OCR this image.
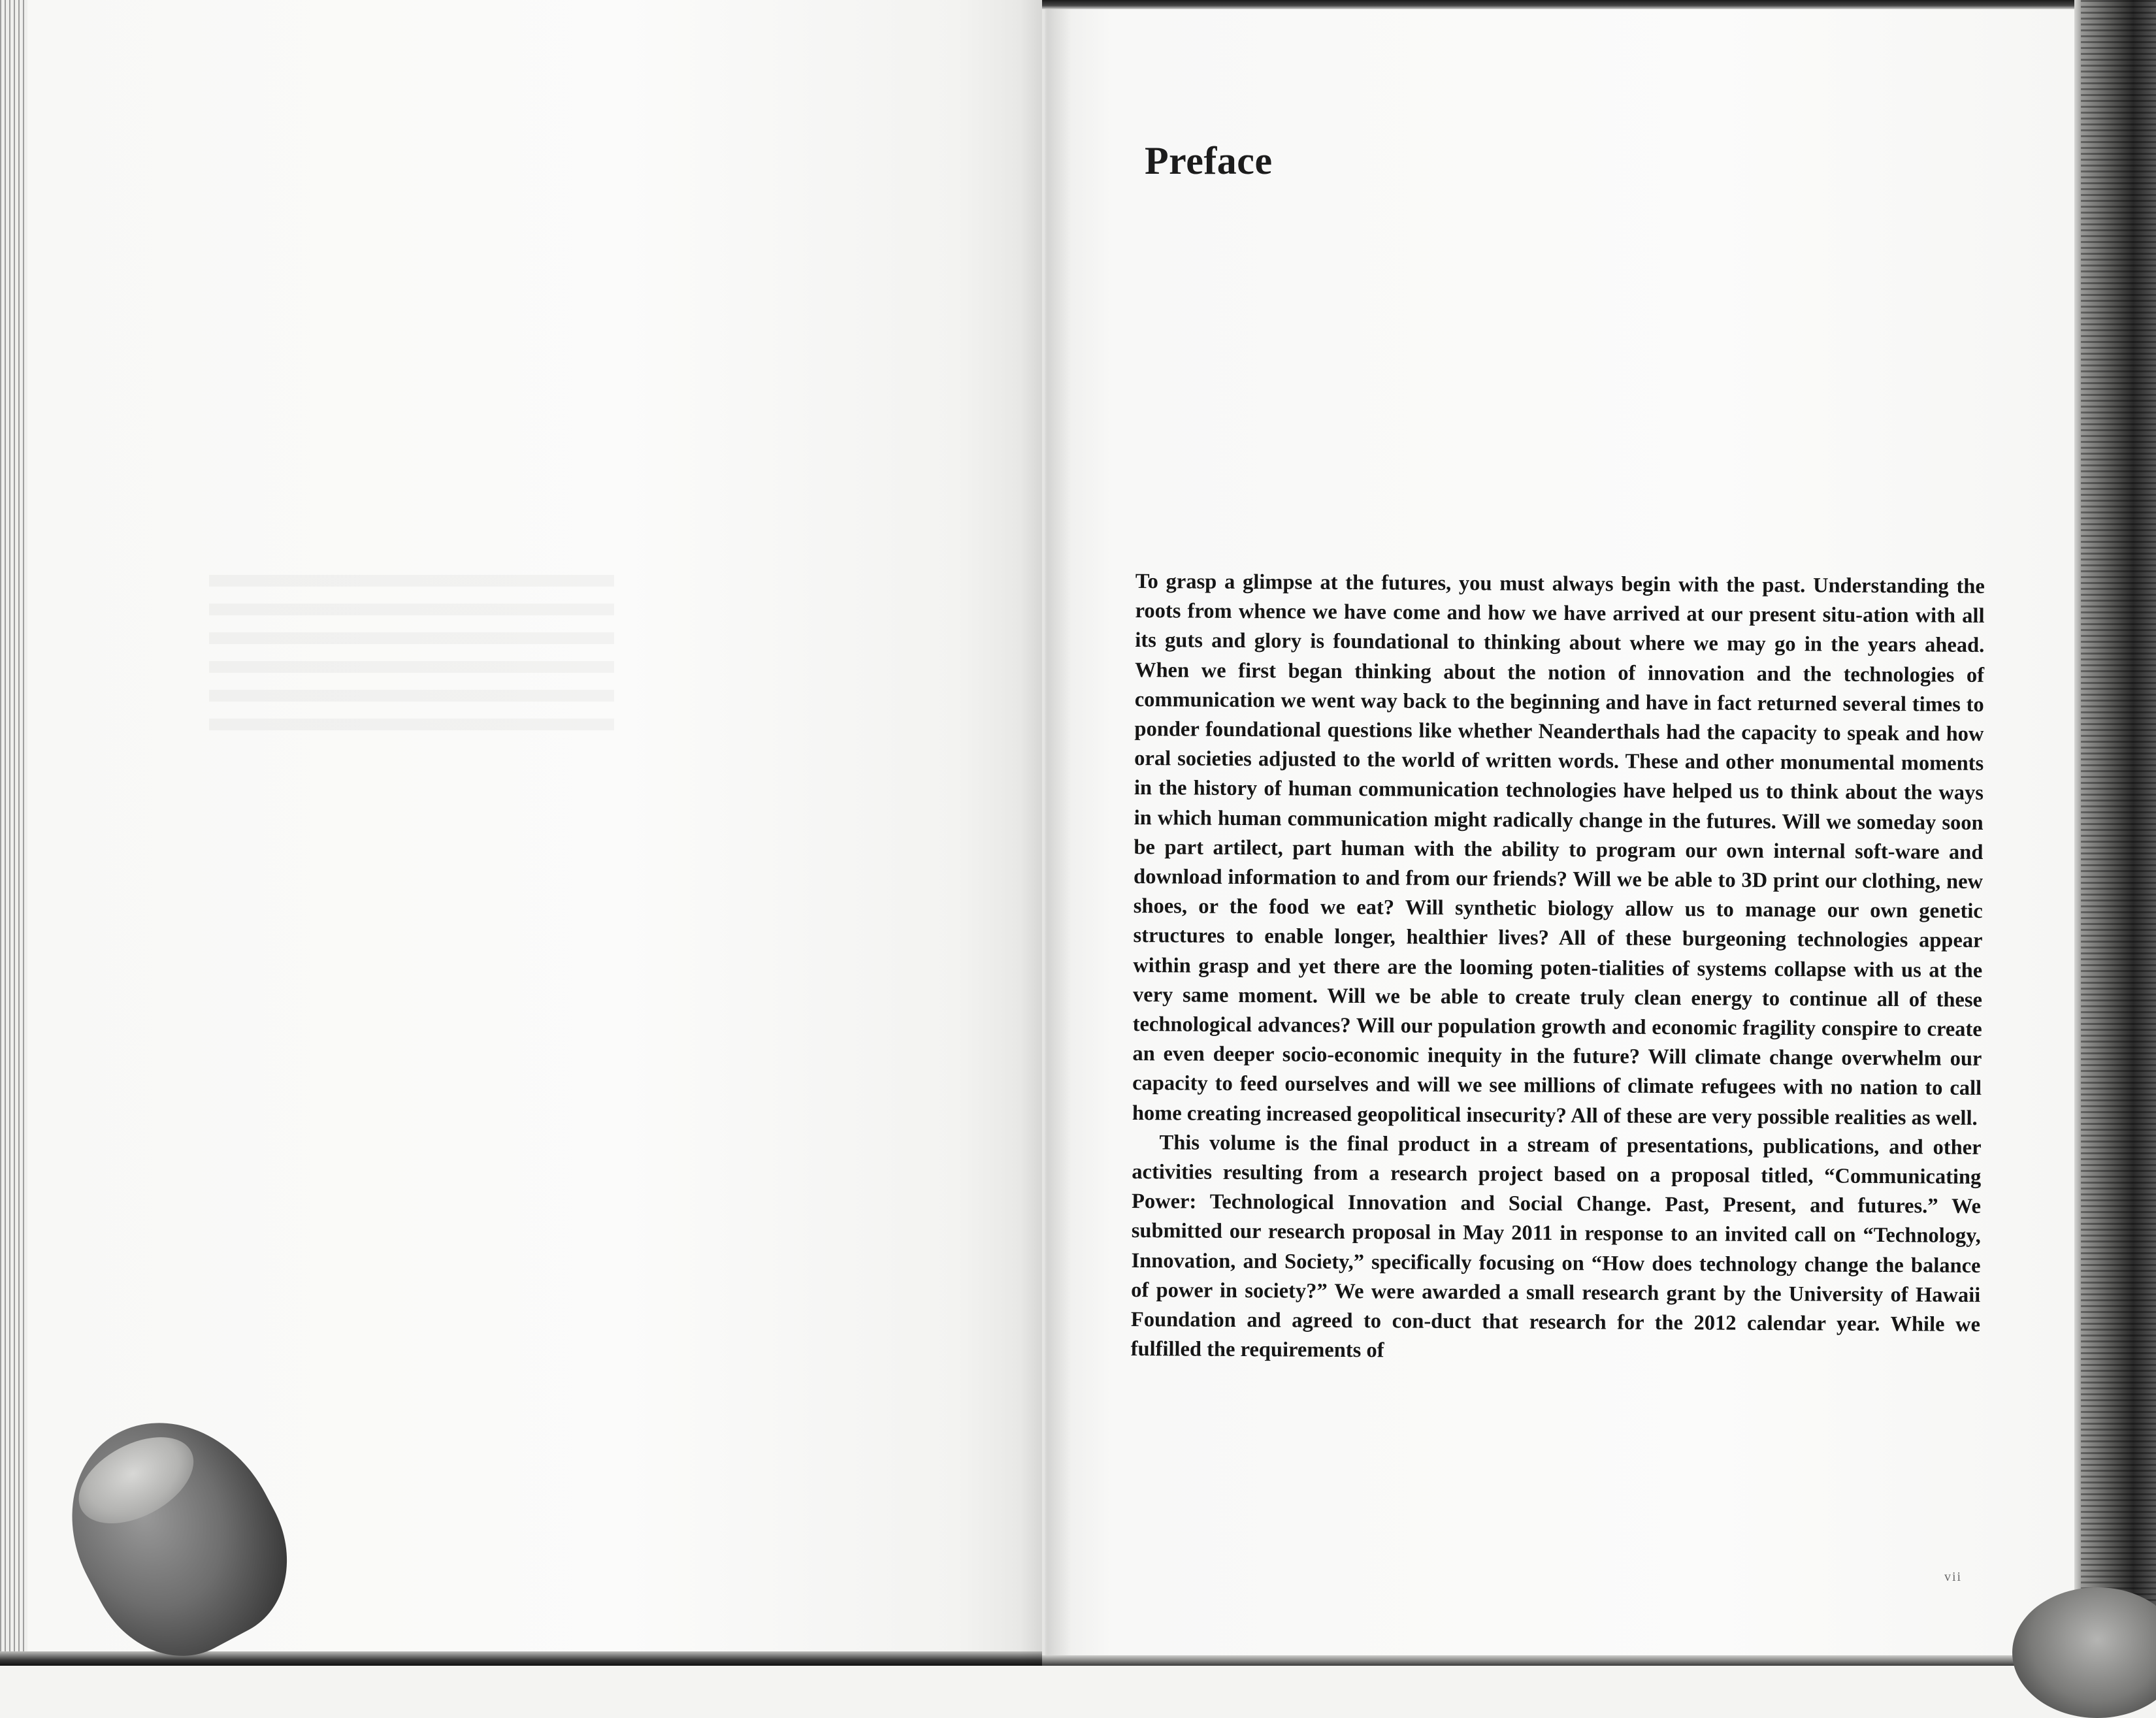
Preface

To grasp a glimpse at the futures, you must always begin with the past. Understanding the roots from whence we have come and how we have arrived at our present situ-ation with all its guts and glory is foundational to thinking about where we may go in the years ahead. When we first began thinking about the notion of innovation and the technologies of communication we went way back to the beginning and have in fact returned several times to ponder foundational questions like whether Neanderthals had the capacity to speak and how oral societies adjusted to the world of written words. These and other monumental moments in the history of human communication technologies have helped us to think about the ways in which human communication might radically change in the futures. Will we someday soon be part artilect, part human with the ability to program our own internal soft-ware and download information to and from our friends? Will we be able to 3D print our clothing, new shoes, or the food we eat? Will synthetic biology allow us to manage our own genetic structures to enable longer, healthier lives? All of these burgeoning technologies appear within grasp and yet there are the looming poten-tialities of systems collapse with us at the very same moment. Will we be able to create truly clean energy to continue all of these technological advances? Will our population growth and economic fragility conspire to create an even deeper socio-economic inequity in the future? Will climate change overwhelm our capacity to feed ourselves and will we see millions of climate refugees with no nation to call home creating increased geopolitical insecurity? All of these are very possible realities as well.

This volume is the final product in a stream of presentations, publications, and other activities resulting from a research project based on a proposal titled, “Communicating Power: Technological Innovation and Social Change. Past, Present, and futures.” We submitted our research proposal in May 2011 in response to an invited call on “Technology, Innovation, and Society,” specifically focusing on “How does technology change the balance of power in society?” We were awarded a small research grant by the University of Hawaii Foundation and agreed to con-duct that research for the 2012 calendar year. While we fulfilled the requirements of

vii
